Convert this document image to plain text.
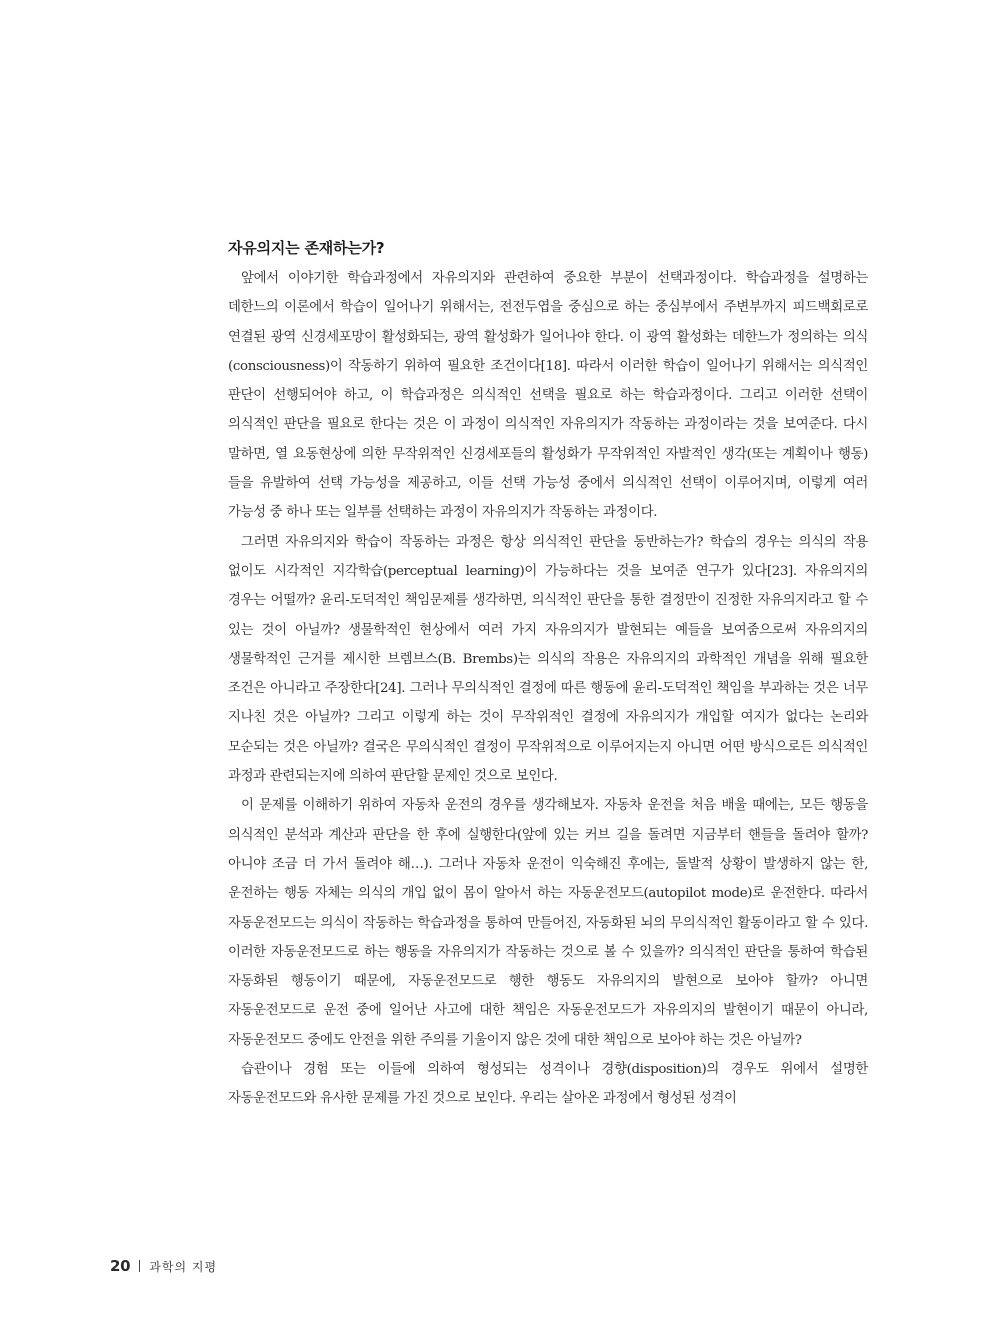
자유의지는 존재하는가?

앞에서 이야기한 학습과정에서 자유의지와 관련하여 중요한 부분이 선택과정이다. 학습과정을 설명하는 데한느의 이론에서 학습이 일어나기 위해서는, 전전두엽을 중심으로 하는 중심부에서 주변부까지 피드백회로로 연결된 광역 신경세포망이 활성화되는, 광역 활성화가 일어나야 한다. 이 광역 활성화는 데한느가 정의하는 의식(consciousness)이 작동하기 위하여 필요한 조건이다[18]. 따라서 이러한 학습이 일어나기 위해서는 의식적인 판단이 선행되어야 하고, 이 학습과정은 의식적인 선택을 필요로 하는 학습과정이다. 그리고 이러한 선택이 의식적인 판단을 필요로 한다는 것은 이 과정이 의식적인 자유의지가 작동하는 과정이라는 것을 보여준다. 다시 말하면, 열 요동현상에 의한 무작위적인 신경세포들의 활성화가 무작위적인 자발적인 생각(또는 계획이나 행동)들을 유발하여 선택 가능성을 제공하고, 이들 선택 가능성 중에서 의식적인 선택이 이루어지며, 이렇게 여러 가능성 중 하나 또는 일부를 선택하는 과정이 자유의지가 작동하는 과정이다.

그러면 자유의지와 학습이 작동하는 과정은 항상 의식적인 판단을 동반하는가? 학습의 경우는 의식의 작용 없이도 시각적인 지각학습(perceptual learning)이 가능하다는 것을 보여준 연구가 있다[23]. 자유의지의 경우는 어떨까? 윤리-도덕적인 책임문제를 생각하면, 의식적인 판단을 통한 결정만이 진정한 자유의지라고 할 수 있는 것이 아닐까? 생물학적인 현상에서 여러 가지 자유의지가 발현되는 예들을 보여줌으로써 자유의지의 생물학적인 근거를 제시한 브렘브스(B. Brembs)는 의식의 작용은 자유의지의 과학적인 개념을 위해 필요한 조건은 아니라고 주장한다[24]. 그러나 무의식적인 결정에 따른 행동에 윤리-도덕적인 책임을 부과하는 것은 너무 지나친 것은 아닐까? 그리고 이렇게 하는 것이 무작위적인 결정에 자유의지가 개입할 여지가 없다는 논리와 모순되는 것은 아닐까? 결국은 무의식적인 결정이 무작위적으로 이루어지는지 아니면 어떤 방식으로든 의식적인 과정과 관련되는지에 의하여 판단할 문제인 것으로 보인다.

이 문제를 이해하기 위하여 자동차 운전의 경우를 생각해보자. 자동차 운전을 처음 배울 때에는, 모든 행동을 의식적인 분석과 계산과 판단을 한 후에 실행한다(앞에 있는 커브 길을 돌려면 지금부터 핸들을 돌려야 할까? 아니야 조금 더 가서 돌려야 해…). 그러나 자동차 운전이 익숙해진 후에는, 돌발적 상황이 발생하지 않는 한, 운전하는 행동 자체는 의식의 개입 없이 몸이 알아서 하는 자동운전모드(autopilot mode)로 운전한다. 따라서 자동운전모드는 의식이 작동하는 학습과정을 통하여 만들어진, 자동화된 뇌의 무의식적인 활동이라고 할 수 있다. 이러한 자동운전모드로 하는 행동을 자유의지가 작동하는 것으로 볼 수 있을까? 의식적인 판단을 통하여 학습된 자동화된 행동이기 때문에, 자동운전모드로 행한 행동도 자유의지의 발현으로 보아야 할까? 아니면 자동운전모드로 운전 중에 일어난 사고에 대한 책임은 자동운전모드가 자유의지의 발현이기 때문이 아니라, 자동운전모드 중에도 안전을 위한 주의를 기울이지 않은 것에 대한 책임으로 보아야 하는 것은 아닐까?

습관이나 경험 또는 이들에 의하여 형성되는 성격이나 경향(disposition)의 경우도 위에서 설명한 자동운전모드와 유사한 문제를 가진 것으로 보인다. 우리는 살아온 과정에서 형성된 성격이

20 과학의 지평
